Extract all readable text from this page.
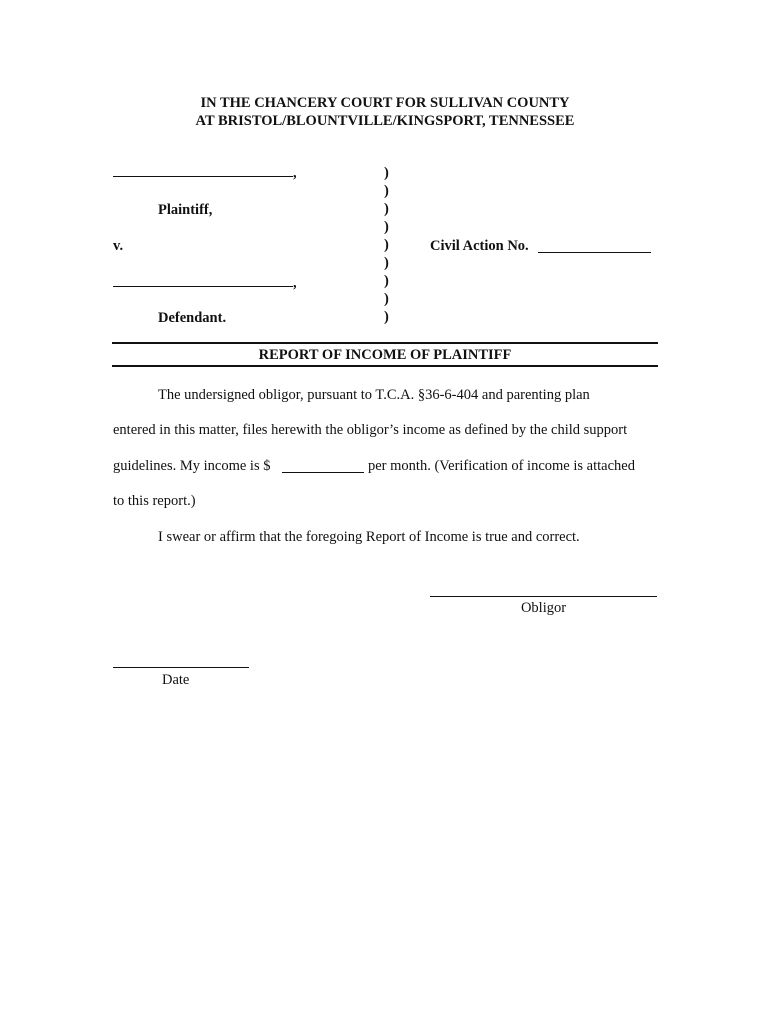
IN THE CHANCERY COURT FOR SULLIVAN COUNTY
AT BRISTOL/BLOUNTVILLE/KINGSPORT, TENNESSEE
,
Plaintiff,
v.
,
Defendant.
)
)
)
)
)
)
)
)
)
Civil Action No.
REPORT OF INCOME OF PLAINTIFF
The undersigned obligor, pursuant to T.C.A. §36-6-404 and parenting plan
entered in this matter, files herewith the obligor’s income as defined by the child support
guidelines. My income is $	per month. (Verification of income is attached
to this report.)
I swear or affirm that the foregoing Report of Income is true and correct.
Obligor
Date
